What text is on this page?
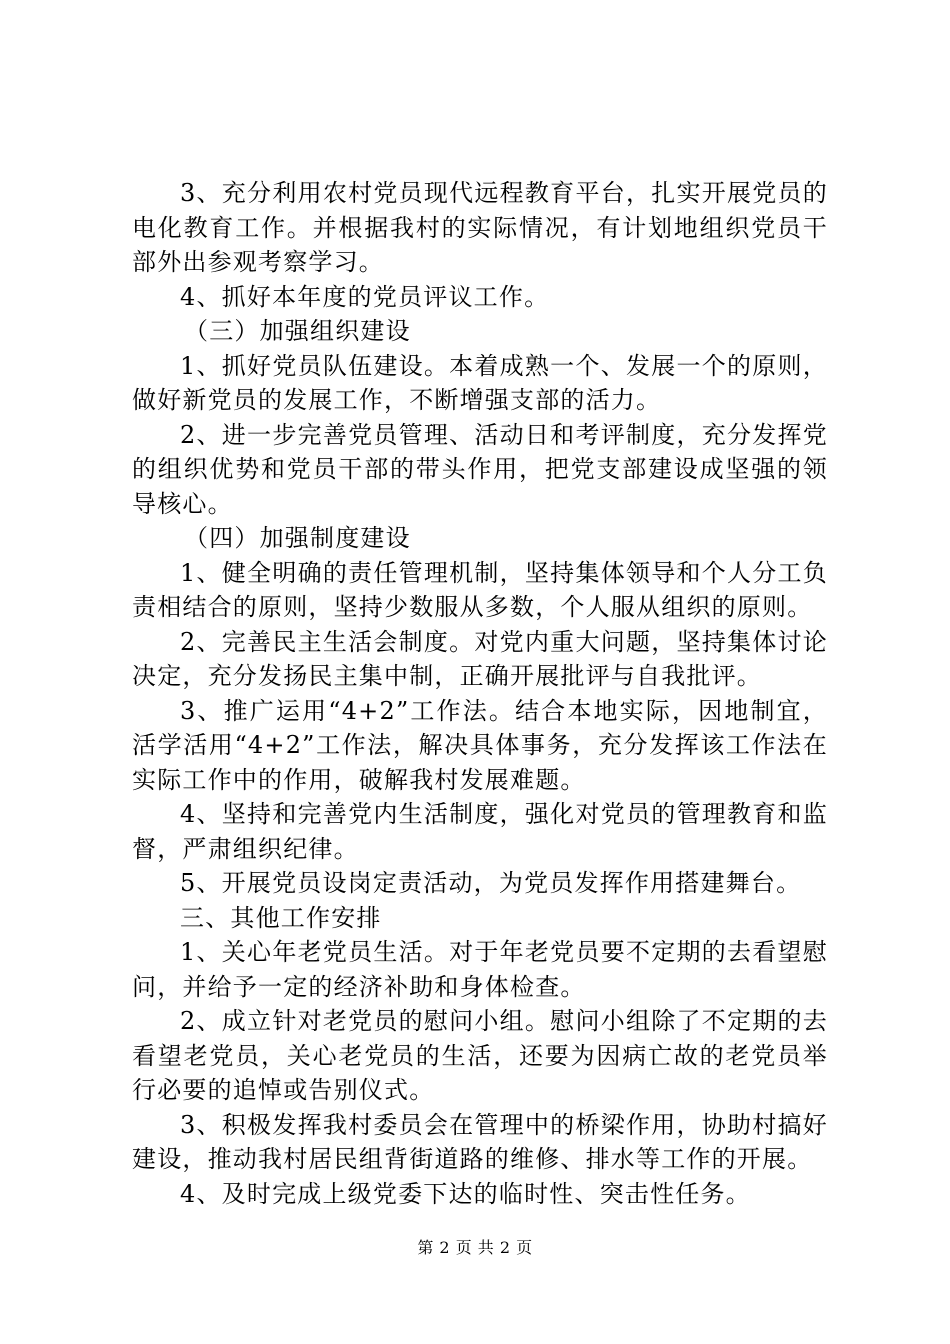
3、充分利用农村党员现代远程教育平台，扎实开展党员的电化教育工作。并根据我村的实际情况，有计划地组织党员干部外出参观考察学习。

4、抓好本年度的党员评议工作。

（三）加强组织建设

1、抓好党员队伍建设。本着成熟一个、发展一个的原则，做好新党员的发展工作，不断增强支部的活力。

2、进一步完善党员管理、活动日和考评制度，充分发挥党的组织优势和党员干部的带头作用，把党支部建设成坚强的领导核心。

（四）加强制度建设

1、健全明确的责任管理机制，坚持集体领导和个人分工负责相结合的原则，坚持少数服从多数，个人服从组织的原则。

2、完善民主生活会制度。对党内重大问题，坚持集体讨论决定，充分发扬民主集中制，正确开展批评与自我批评。

3、推广运用“4+2”工作法。结合本地实际，因地制宜，活学活用“4+2”工作法，解决具体事务，充分发挥该工作法在实际工作中的作用，破解我村发展难题。

4、坚持和完善党内生活制度，强化对党员的管理教育和监督，严肃组织纪律。

5、开展党员设岗定责活动，为党员发挥作用搭建舞台。

三、其他工作安排

1、关心年老党员生活。对于年老党员要不定期的去看望慰问，并给予一定的经济补助和身体检查。

2、成立针对老党员的慰问小组。慰问小组除了不定期的去看望老党员，关心老党员的生活，还要为因病亡故的老党员举行必要的追悼或告别仪式。

3、积极发挥我村委员会在管理中的桥梁作用，协助村搞好建设，推动我村居民组背街道路的维修、排水等工作的开展。

4、及时完成上级党委下达的临时性、突击性任务。

第 2 页 共 2 页
